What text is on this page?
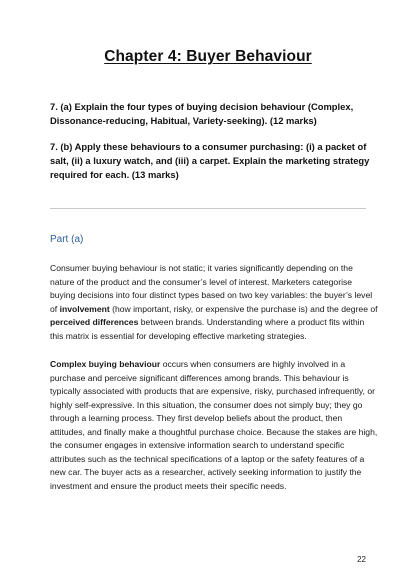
Chapter 4: Buyer Behaviour
7. (a) Explain the four types of buying decision behaviour (Complex, Dissonance-reducing, Habitual, Variety-seeking). (12 marks)
7. (b) Apply these behaviours to a consumer purchasing: (i) a packet of salt, (ii) a luxury watch, and (iii) a carpet. Explain the marketing strategy required for each. (13 marks)
Part (a)

Consumer buying behaviour is not static; it varies significantly depending on the nature of the product and the consumer’s level of interest. Marketers categorise buying decisions into four distinct types based on two key variables: the buyer’s level of involvement (how important, risky, or expensive the purchase is) and the degree of perceived differences between brands. Understanding where a product fits within this matrix is essential for developing effective marketing strategies.

Complex buying behaviour occurs when consumers are highly involved in a purchase and perceive significant differences among brands. This behaviour is typically associated with products that are expensive, risky, purchased infrequently, or highly self-expressive. In this situation, the consumer does not simply buy; they go through a learning process. They first develop beliefs about the product, then attitudes, and finally make a thoughtful purchase choice. Because the stakes are high, the consumer engages in extensive information search to understand specific attributes such as the technical specifications of a laptop or the safety features of a new car. The buyer acts as a researcher, actively seeking information to justify the investment and ensure the product meets their specific needs.

22
